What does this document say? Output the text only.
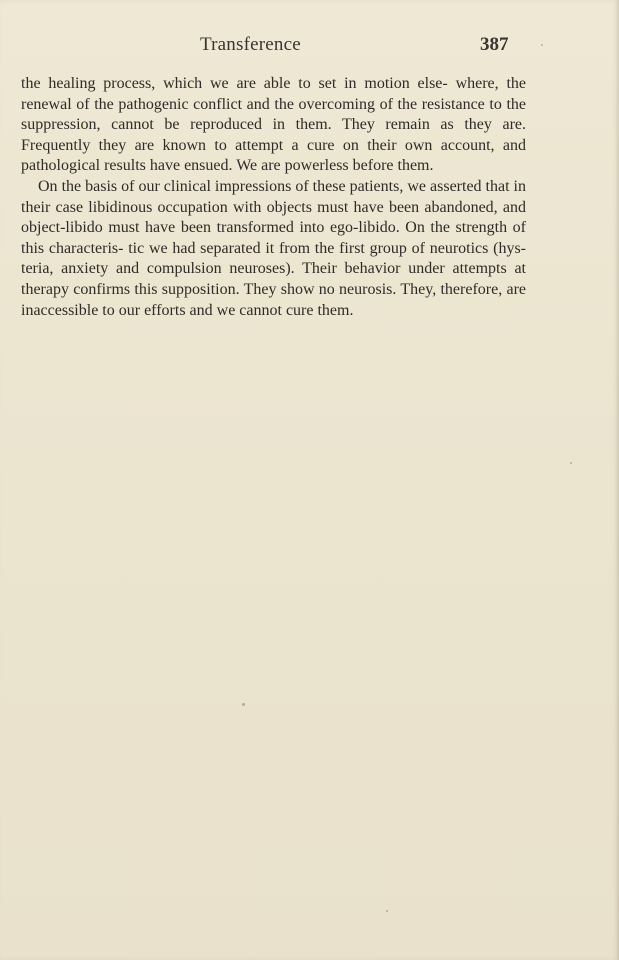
Transference	387

the healing process, which we are able to set in motion else- where, the renewal of the pathogenic conflict and the overcoming of the resistance to the suppression, cannot be reproduced in them. They remain as they are. Frequently they are known to attempt a cure on their own account, and pathological results have ensued. We are powerless before them.

On the basis of our clinical impressions of these patients, we asserted that in their case libidinous occupation with objects must have been abandoned, and object-libido must have been transformed into ego-libido. On the strength of this characteris- tic we had separated it from the first group of neurotics (hys- teria, anxiety and compulsion neuroses). Their behavior under attempts at therapy confirms this supposition. They show no neurosis. They, therefore, are inaccessible to our efforts and we cannot cure them.
